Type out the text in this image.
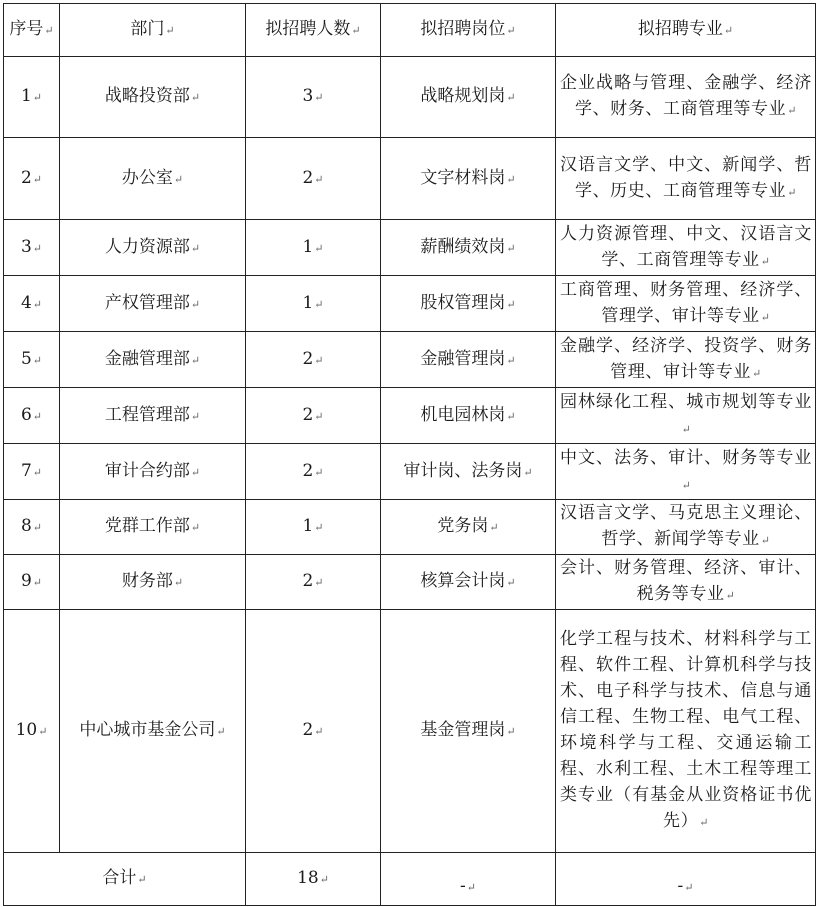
序号↵	部门↵	拟招聘人数↵	拟招聘岗位↵	拟招聘专业↵
1↵	战略投资部↵	3↵	战略规划岗↵	企业战略与管理、金融学、经济学、财务、工商管理等专业↵
2↵	办公室↵	2↵	文字材料岗↵	汉语言文学、中文、新闻学、哲学、历史、工商管理等专业↵
3↵	人力资源部↵	1↵	薪酬绩效岗↵	人力资源管理、中文、汉语言文学、工商管理等专业↵
4↵	产权管理部↵	1↵	股权管理岗↵	工商管理、财务管理、经济学、管理学、审计等专业↵
5↵	金融管理部↵	2↵	金融管理岗↵	金融学、经济学、投资学、财务管理、审计等专业↵
6↵	工程管理部↵	2↵	机电园林岗↵	园林绿化工程、城市规划等专业↵
7↵	审计合约部↵	2↵	审计岗、法务岗↵	中文、法务、审计、财务等专业↵
8↵	党群工作部↵	1↵	党务岗↵	汉语言文学、马克思主义理论、哲学、新闻学等专业↵
9↵	财务部↵	2↵	核算会计岗↵	会计、财务管理、经济、审计、税务等专业↵
10↵	中心城市基金公司↵	2↵	基金管理岗↵	化学工程与技术、材料科学与工程、软件工程、计算机科学与技术、电子科学与技术、信息与通信工程、生物工程、电气工程、环境科学与工程、交通运输工程、水利工程、土木工程等理工类专业（有基金从业资格证书优先）↵
合计↵		18↵	-↵	-↵
